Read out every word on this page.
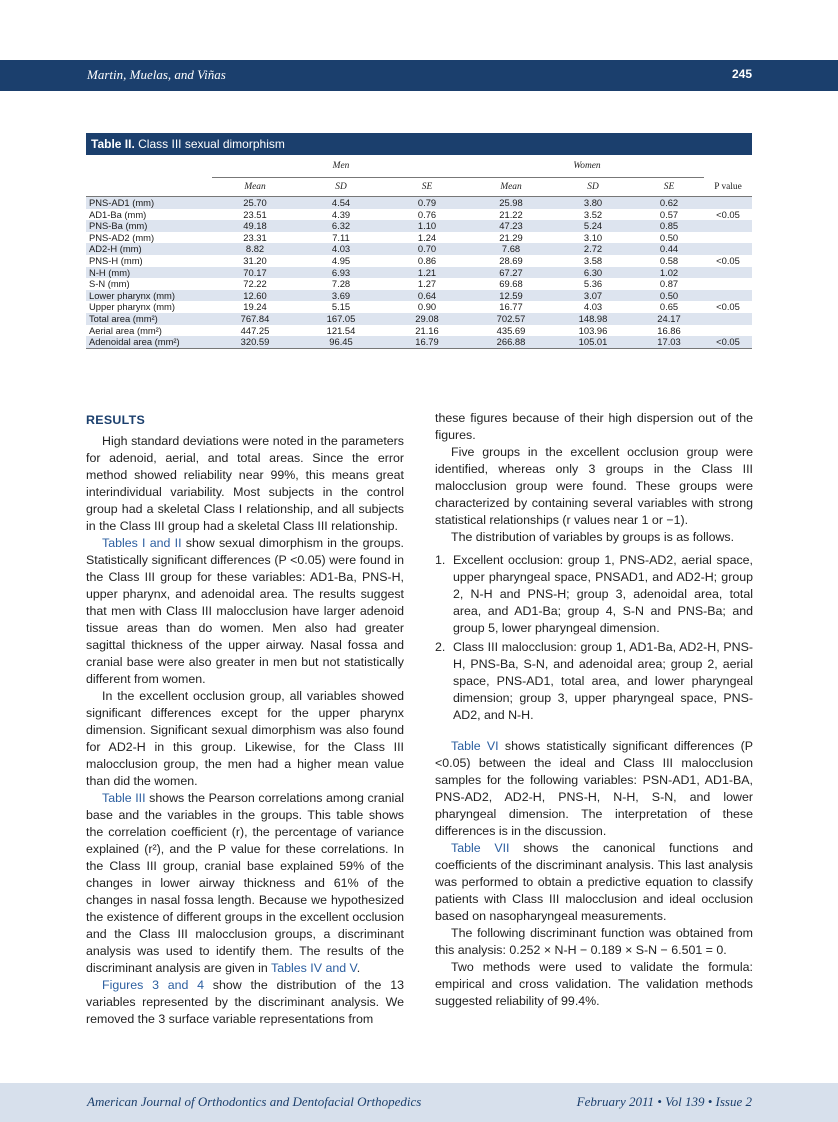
Martin, Muelas, and Viñas	245
Table II. Class III sexual dimorphism
	Men			Women			
	Mean	SD	SE	Mean	SD	SE	P value
PNS-AD1 (mm)	25.70	4.54	0.79	25.98	3.80	0.62	
AD1-Ba (mm)	23.51	4.39	0.76	21.22	3.52	0.57	<0.05
PNS-Ba (mm)	49.18	6.32	1.10	47.23	5.24	0.85	
PNS-AD2 (mm)	23.31	7.11	1.24	21.29	3.10	0.50	
AD2-H (mm)	8.82	4.03	0.70	7.68	2.72	0.44	
PNS-H (mm)	31.20	4.95	0.86	28.69	3.58	0.58	<0.05
N-H (mm)	70.17	6.93	1.21	67.27	6.30	1.02	
S-N (mm)	72.22	7.28	1.27	69.68	5.36	0.87	
Lower pharynx (mm)	12.60	3.69	0.64	12.59	3.07	0.50	
Upper pharynx (mm)	19.24	5.15	0.90	16.77	4.03	0.65	<0.05
Total area (mm²)	767.84	167.05	29.08	702.57	148.98	24.17	
Aerial area (mm²)	447.25	121.54	21.16	435.69	103.96	16.86	
Adenoidal area (mm²)	320.59	96.45	16.79	266.88	105.01	17.03	<0.05
RESULTS

High standard deviations were noted in the parameters for adenoid, aerial, and total areas. Since the error method showed reliability near 99%, this means great interindividual variability. Most subjects in the control group had a skeletal Class I relationship, and all subjects in the Class III group had a skeletal Class III relationship.

Tables I and II show sexual dimorphism in the groups. Statistically significant differences (P <0.05) were found in the Class III group for these variables: AD1-Ba, PNS-H, upper pharynx, and adenoidal area. The results suggest that men with Class III malocclusion have larger adenoid tissue areas than do women. Men also had greater sagittal thickness of the upper airway. Nasal fossa and cranial base were also greater in men but not statistically different from women.

In the excellent occlusion group, all variables showed significant differences except for the upper pharynx dimension. Significant sexual dimorphism was also found for AD2-H in this group. Likewise, for the Class III malocclusion group, the men had a higher mean value than did the women.

Table III shows the Pearson correlations among cranial base and the variables in the groups. This table shows the correlation coefficient (r), the percentage of variance explained (r²), and the P value for these correlations. In the Class III group, cranial base explained 59% of the changes in lower airway thickness and 61% of the changes in nasal fossa length. Because we hypothesized the existence of different groups in the excellent occlusion and the Class III malocclusion groups, a discriminant analysis was used to identify them. The results of the discriminant analysis are given in Tables IV and V.

Figures 3 and 4 show the distribution of the 13 variables represented by the discriminant analysis. We removed the 3 surface variable representations from

these figures because of their high dispersion out of the figures.

Five groups in the excellent occlusion group were identified, whereas only 3 groups in the Class III malocclusion group were found. These groups were characterized by containing several variables with strong statistical relationships (r values near 1 or −1).

The distribution of variables by groups is as follows.

1. Excellent occlusion: group 1, PNS-AD2, aerial space, upper pharyngeal space, PNSAD1, and AD2-H; group 2, N-H and PNS-H; group 3, adenoidal area, total area, and AD1-Ba; group 4, S-N and PNS-Ba; and group 5, lower pharyngeal dimension.
2. Class III malocclusion: group 1, AD1-Ba, AD2-H, PNS-H, PNS-Ba, S-N, and adenoidal area; group 2, aerial space, PNS-AD1, total area, and lower pharyngeal dimension; group 3, upper pharyngeal space, PNS-AD2, and N-H.

Table VI shows statistically significant differences (P <0.05) between the ideal and Class III malocclusion samples for the following variables: PSN-AD1, AD1-BA, PNS-AD2, AD2-H, PNS-H, N-H, S-N, and lower pharyngeal dimension. The interpretation of these differences is in the discussion.

Table VII shows the canonical functions and coefficients of the discriminant analysis. This last analysis was performed to obtain a predictive equation to classify patients with Class III malocclusion and ideal occlusion based on nasopharyngeal measurements.

The following discriminant function was obtained from this analysis: 0.252 × N-H − 0.189 × S-N − 6.501 = 0.

Two methods were used to validate the formula: empirical and cross validation. The validation methods suggested reliability of 99.4%.

American Journal of Orthodontics and Dentofacial Orthopedics	February 2011 • Vol 139 • Issue 2
